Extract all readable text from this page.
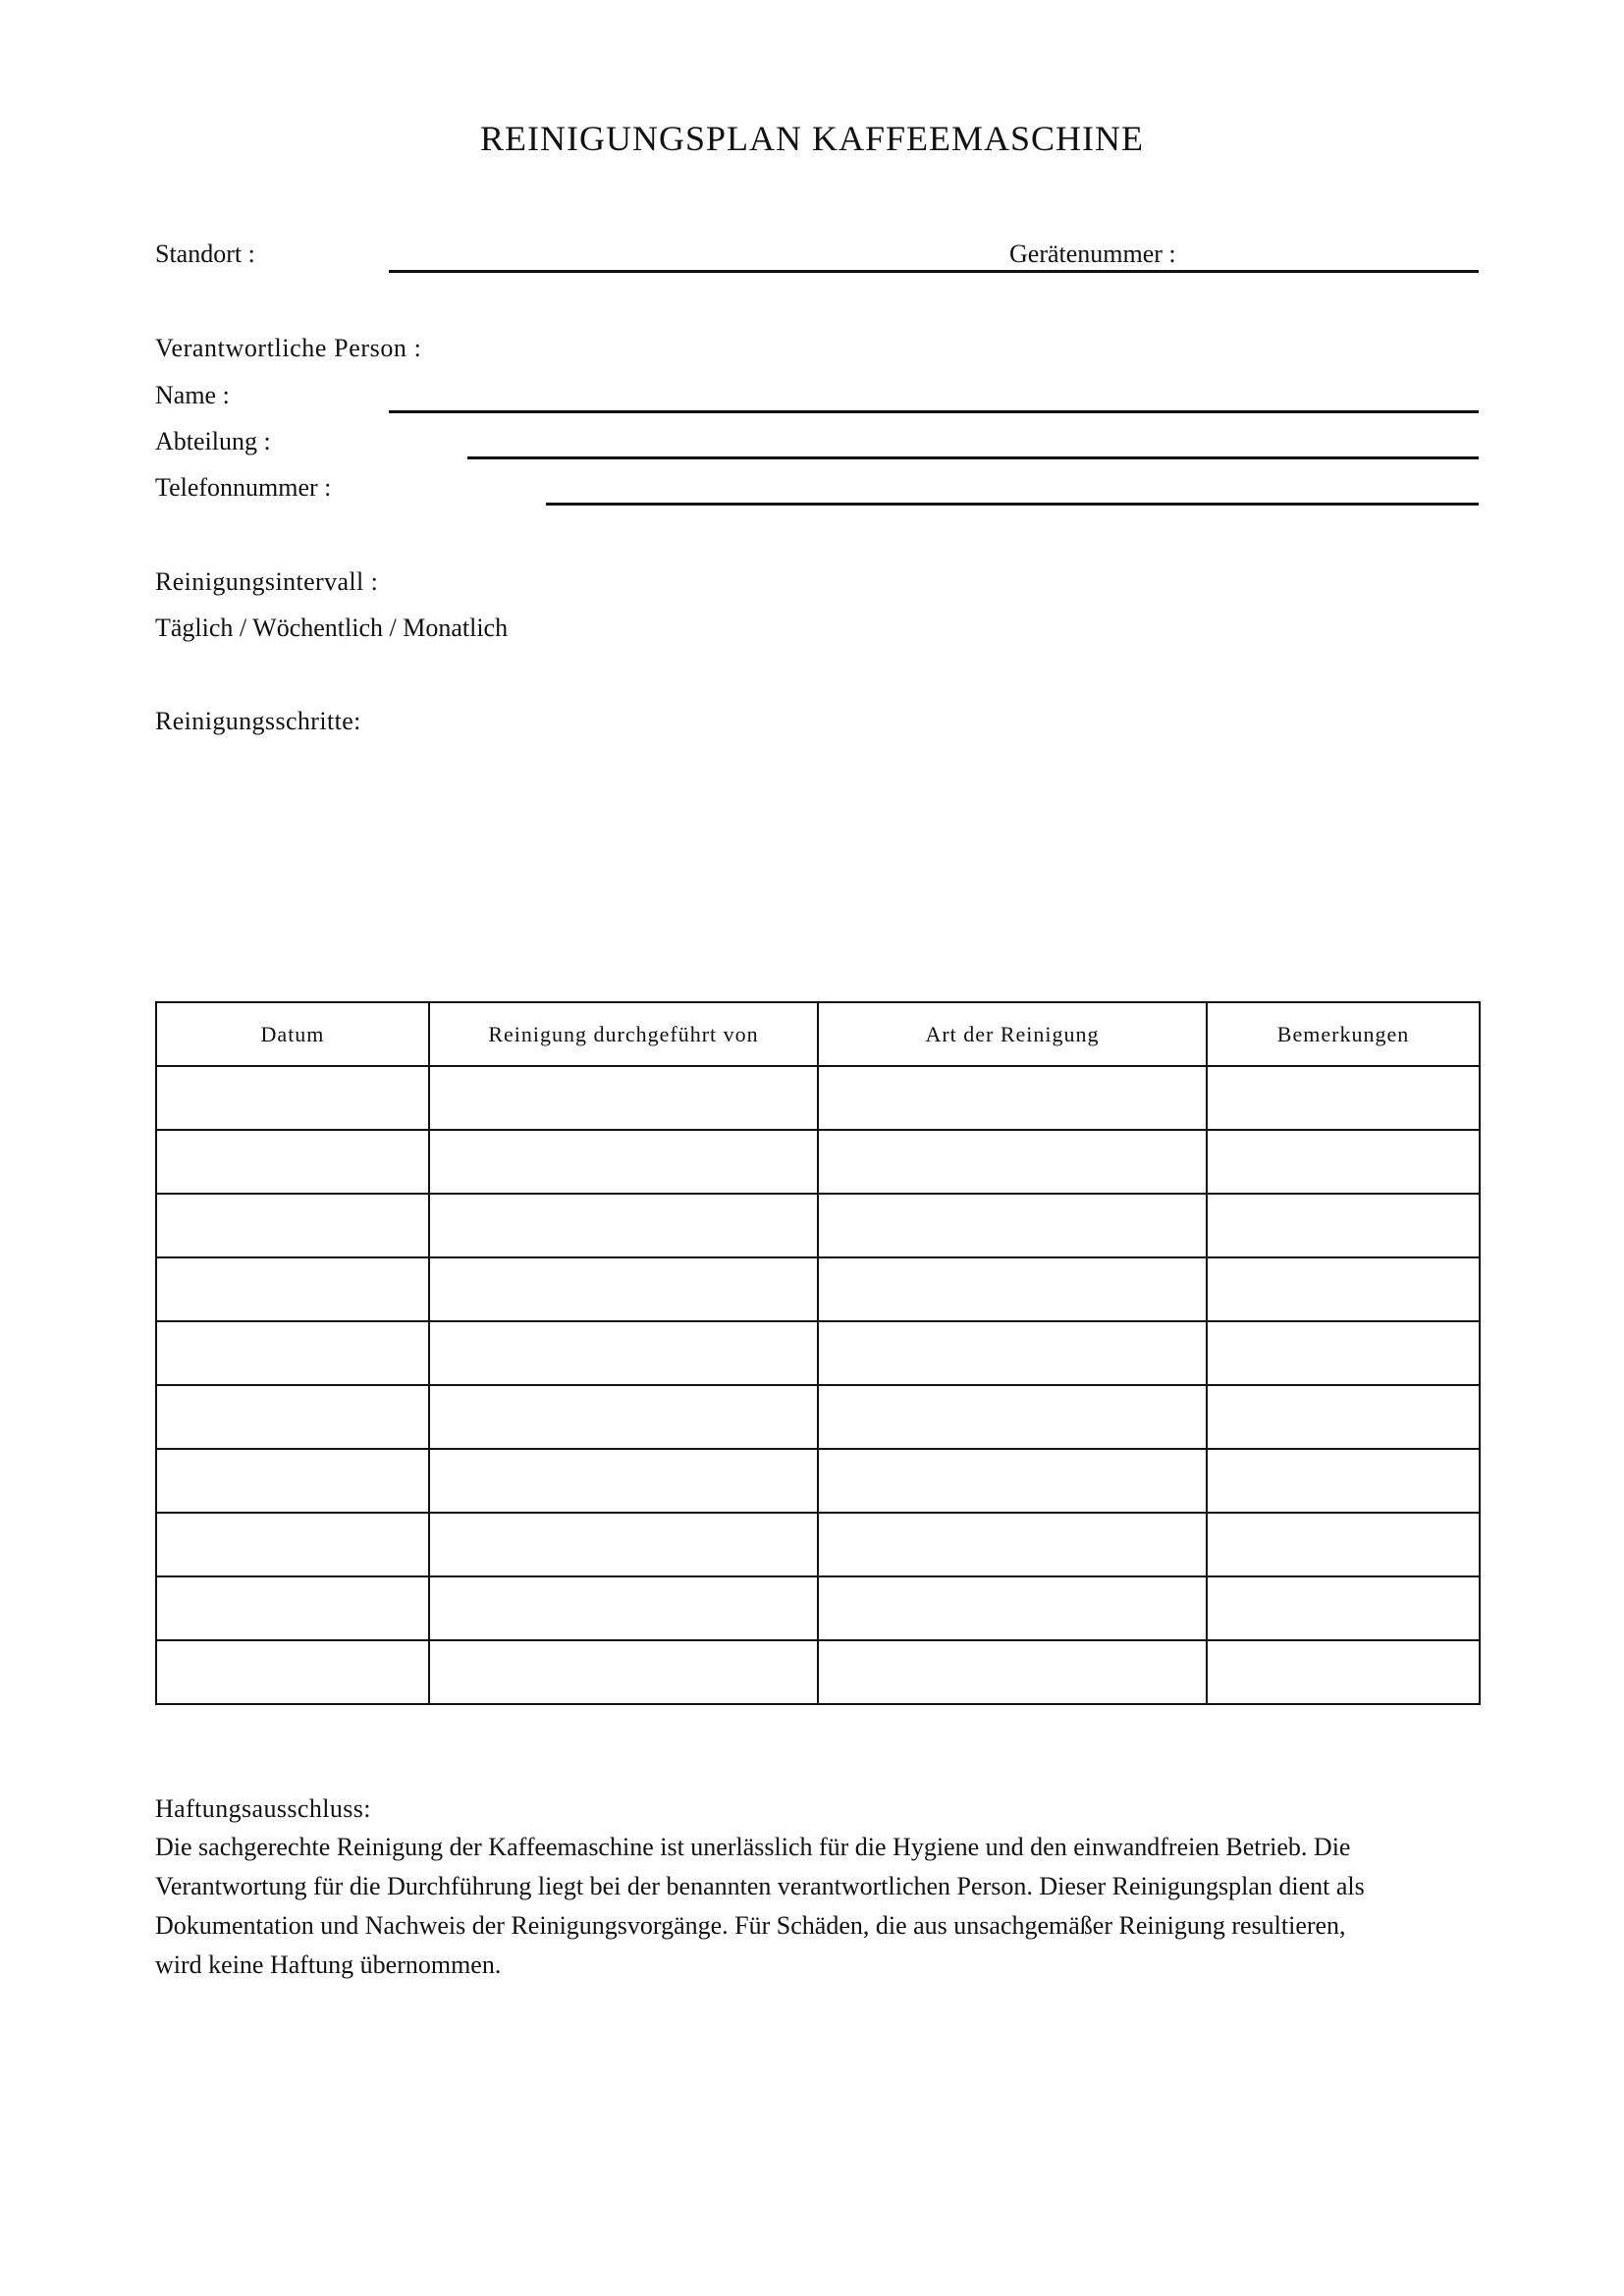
REINIGUNGSPLAN KAFFEEMASCHINE
Standort :	Gerätenummer :
Verantwortliche Person :
Name :
Abteilung :
Telefonnummer :
Reinigungsintervall :
Täglich / Wöchentlich / Monatlich
Reinigungsschritte:
Datum	Reinigung durchgeführt von	Art der Reinigung	Bemerkungen

Haftungsausschluss:
Die sachgerechte Reinigung der Kaffeemaschine ist unerlässlich für die Hygiene und den einwandfreien Betrieb. Die
Verantwortung für die Durchführung liegt bei der benannten verantwortlichen Person. Dieser Reinigungsplan dient als
Dokumentation und Nachweis der Reinigungsvorgänge. Für Schäden, die aus unsachgemäßer Reinigung resultieren,
wird keine Haftung übernommen.
